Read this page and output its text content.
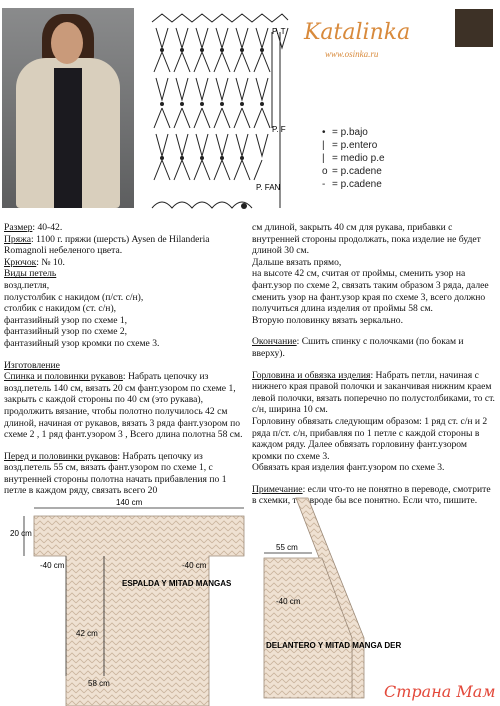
P. T
P. F
P. FAN
Katalinka
www.osinka.ru
• = p.bajo
| = p.entero
| = medio p.e
o = p.cadene
- = p.cadene

Размер: 40-42.

Пряжа: 1100 г. пряжи (шерсть) Aysen de Hilanderia Romagnoli небеленого цвета.

Крючок: № 10.

Виды петель

возд.петля,

полустолбик с накидом (п/ст. с/н),

столбик с накидом (ст. с/н),

фантазийный узор по схеме 1,

фантазийный узор по схеме 2,

фантазийный узор кромки по схеме 3.

Изготовление

Спинка и половинки рукавов: Набрать цепочку из возд.петель 140 см, вязать 20 см фант.узором по схеме 1, закрыть с каждой стороны по 40 см (это рукава), продолжить вязание, чтобы полотно получилось 42 см длиной, начиная от рукавов, вязать 3 ряда фант.узором по схеме 2 , 1 ряд фант.узором 3 , Всего длина полотна 58 см.

Перед и половинки рукавов: Набрать цепочку из возд.петель 55 см, вязать фант.узором по схеме 1, с внутренней стороны полотна начать прибавления по 1 петле в каждом ряду, связать всего 20

см длиной, закрыть 40 см для рукава, прибавки с внутренней стороны продолжать, пока изделие не будет длиной 30 см.

Дальше вязать прямо,

на высоте 42 см, считая от проймы, сменить узор на фант.узор по схеме 2, связать таким образом 3 ряда, далее сменить узор на фант.узор края по схеме 3, всего должно получиться длина изделия от проймы 58 см.

Вторую половинку вязать зеркально.

Окончание: Сшить спинку с полочками (по бокам и вверху).

Горловина и обвязка изделия: Набрать петли, начиная с нижнего края правой полочки и заканчивая нижним краем левой полочки, вязать поперечно по полустолбиками, то ст. с/н, ширина 10 см.

Горловину обвязать следующим образом: 1 ряд ст. с/н и 2 ряда п/ст. с/н, прибавляя по 1 петле с каждой стороны в каждом ряду. Далее обвязать горловину фант.узором кромки по схеме 3.

Обвязать края изделия фант.узором по схеме 3.

Примечание: если что-то не понятно в переводе, смотрите в схемки, там вроде бы все понятно. Если что, пишите.

140 cm
20 cm
-40 cm	-40 cm
ESPALDA Y MITAD MANGAS
42 cm
58 cm
55 cm
-40 cm
DELANTERO Y MITAD MANGA DER
Страна Мам
